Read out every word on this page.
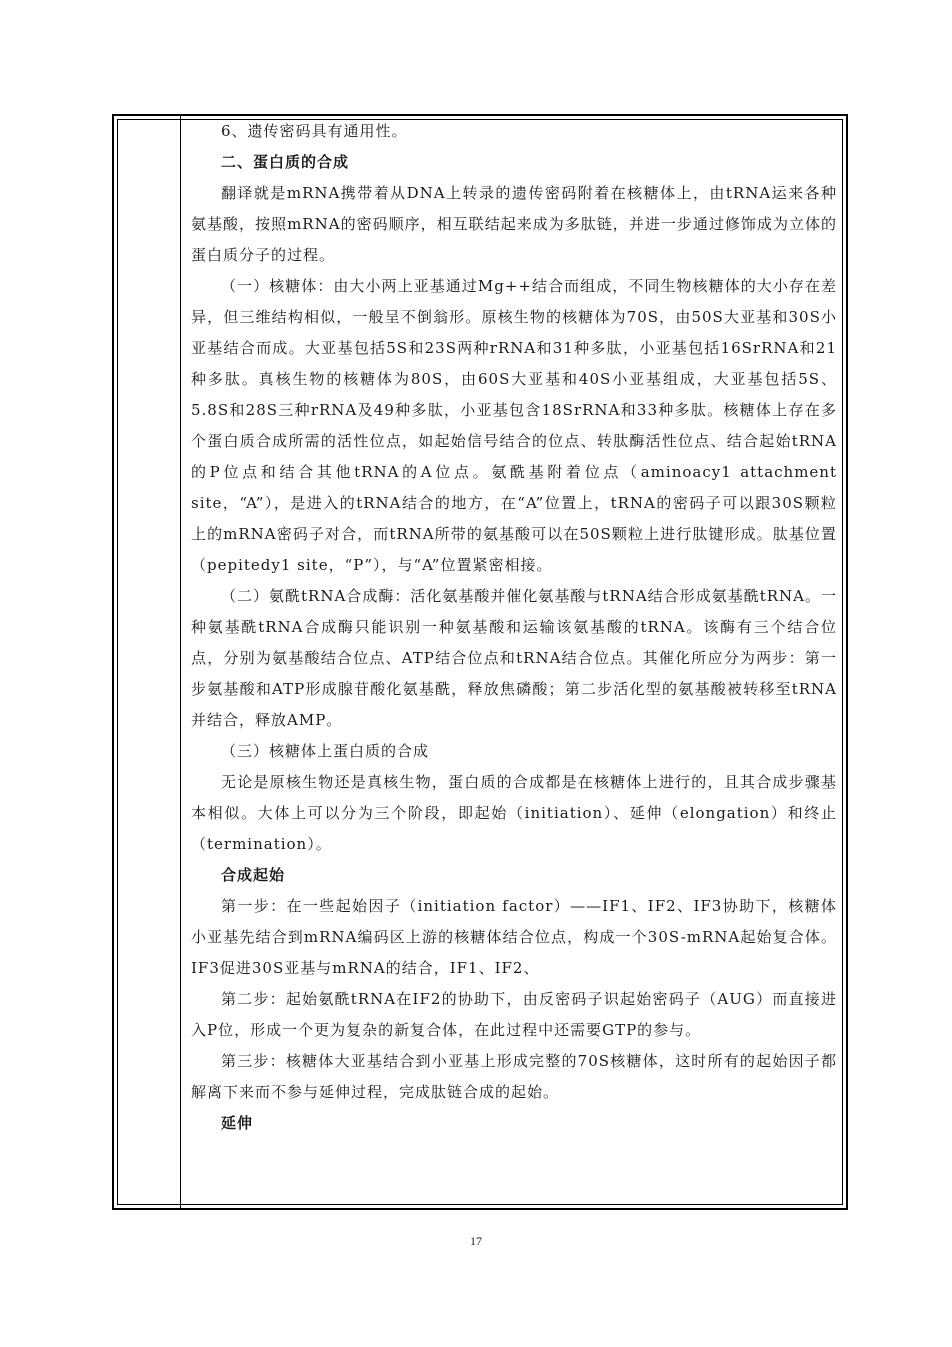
6、遗传密码具有通用性。

二、蛋白质的合成

翻译就是mRNA携带着从DNA上转录的遗传密码附着在核糖体上，由tRNA运来各种氨基酸，按照mRNA的密码顺序，相互联结起来成为多肽链，并进一步通过修饰成为立体的蛋白质分子的过程。

（一）核糖体：由大小两上亚基通过Mg++结合而组成，不同生物核糖体的大小存在差异，但三维结构相似，一般呈不倒翁形。原核生物的核糖体为70S，由50S大亚基和30S小亚基结合而成。大亚基包括5S和23S两种rRNA和31种多肽，小亚基包括16SrRNA和21种多肽。真核生物的核糖体为80S，由60S大亚基和40S小亚基组成，大亚基包括5S、5.8S和28S三种rRNA及49种多肽，小亚基包含18SrRNA和33种多肽。核糖体上存在多个蛋白质合成所需的活性位点，如起始信号结合的位点、转肽酶活性位点、结合起始tRNA的P位点和结合其他tRNA的A位点。氨酰基附着位点（aminoacy1 attachment site，“A”），是进入的tRNA结合的地方，在“A”位置上，tRNA的密码子可以跟30S颗粒上的mRNA密码子对合，而tRNA所带的氨基酸可以在50S颗粒上进行肽键形成。肽基位置（pepitedy1 site，“P”），与“A”位置紧密相接。

（二）氨酰tRNA合成酶：活化氨基酸并催化氨基酸与tRNA结合形成氨基酰tRNA。一种氨基酰tRNA合成酶只能识别一种氨基酸和运输该氨基酸的tRNA。该酶有三个结合位点，分别为氨基酸结合位点、ATP结合位点和tRNA结合位点。其催化所应分为两步：第一步氨基酸和ATP形成腺苷酸化氨基酰，释放焦磷酸；第二步活化型的氨基酸被转移至tRNA并结合，释放AMP。

（三）核糖体上蛋白质的合成

无论是原核生物还是真核生物，蛋白质的合成都是在核糖体上进行的，且其合成步骤基本相似。大体上可以分为三个阶段，即起始（initiation）、延伸（elongation）和终止（termination）。

合成起始

第一步：在一些起始因子（initiation factor）——IF1、IF2、IF3协助下，核糖体小亚基先结合到mRNA编码区上游的核糖体结合位点，构成一个30S-mRNA起始复合体。IF3促进30S亚基与mRNA的结合，IF1、IF2、

第二步：起始氨酰tRNA在IF2的协助下，由反密码子识起始密码子（AUG）而直接进入P位，形成一个更为复杂的新复合体，在此过程中还需要GTP的参与。

第三步：核糖体大亚基结合到小亚基上形成完整的70S核糖体，这时所有的起始因子都解离下来而不参与延伸过程，完成肽链合成的起始。

延伸

17
